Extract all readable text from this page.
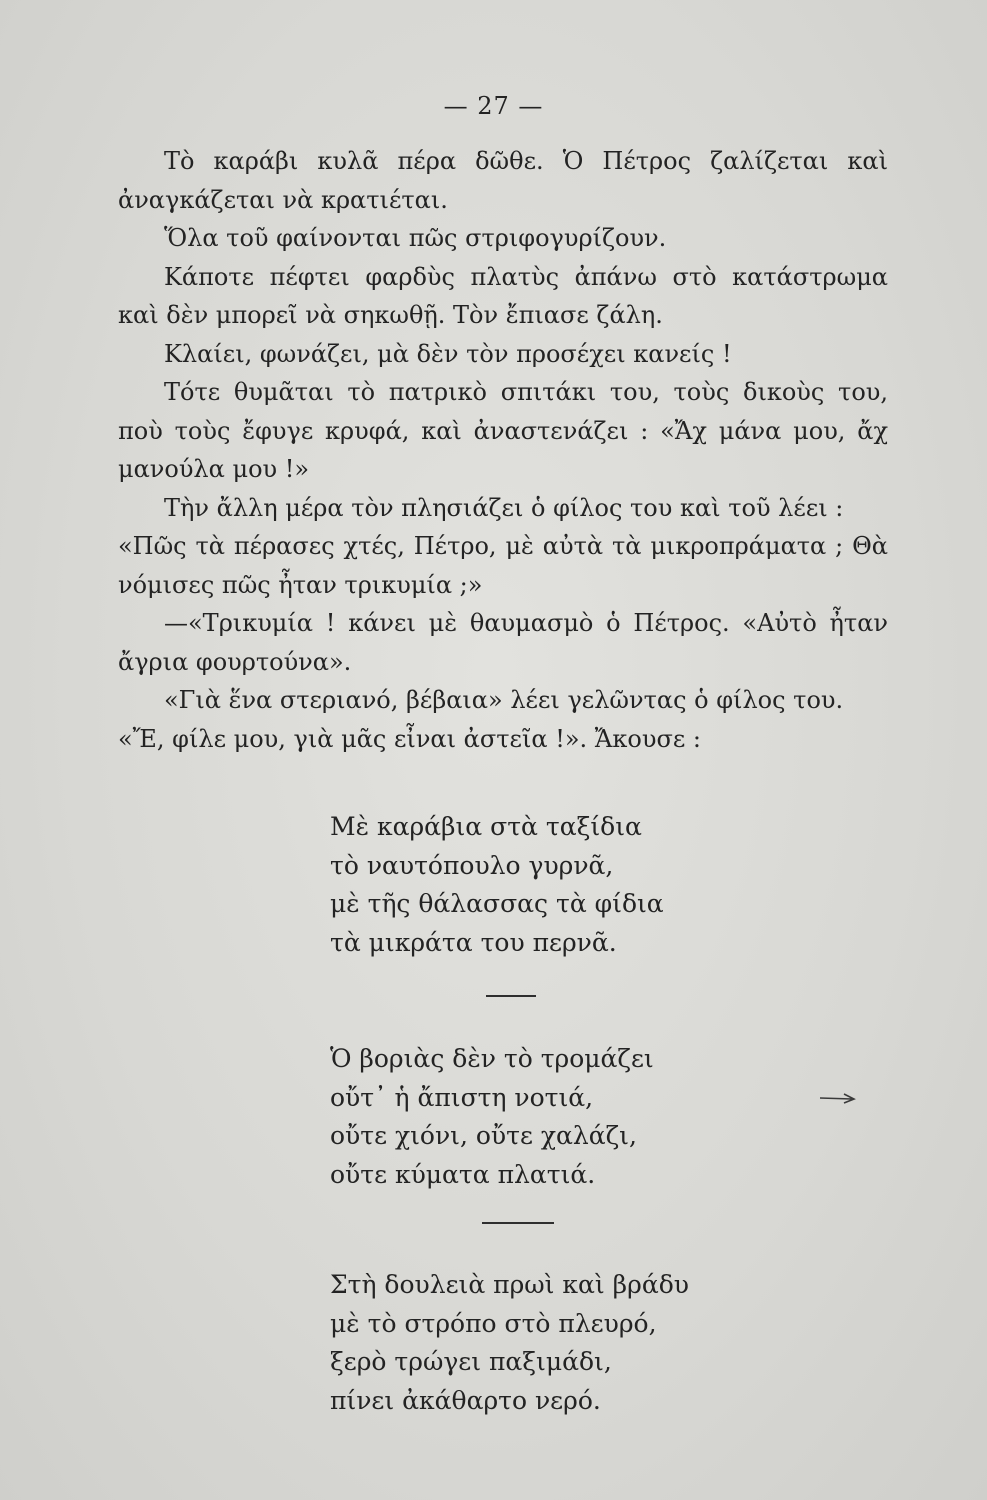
— 27 —

Τὸ καράβι κυλᾶ πέρα δῶθε. Ὁ Πέτρος ζαλίζεται καὶ ἀναγκάζεται νὰ κρατιέται.

Ὅλα τοῦ φαίνονται πῶς στριφογυρίζουν.

Κάποτε πέφτει φαρδὺς πλατὺς ἀπάνω στὸ κατάστρωμα καὶ δὲν μπορεῖ νὰ σηκωθῇ. Τὸν ἔπιασε ζάλη.

Κλαίει, φωνάζει, μὰ δὲν τὸν προσέχει κανείς !

Τότε θυμᾶται τὸ πατρικὸ σπιτάκι του, τοὺς δικοὺς του, ποὺ τοὺς ἔφυγε κρυφά, καὶ ἀναστενάζει : «Ἄχ μάνα μου, ἄχ μανούλα μου !»

Τὴν ἄλλη μέρα τὸν πλησιάζει ὁ φίλος του καὶ τοῦ λέει :

«Πῶς τὰ πέρασες χτές, Πέτρο, μὲ αὐτὰ τὰ μικροπράματα ; Θὰ νόμισες πῶς ἦταν τρικυμία ;»

—«Τρικυμία ! κάνει μὲ θαυμασμὸ ὁ Πέτρος. «Αὐτὸ ἦταν ἄγρια φουρτούνα».

«Γιὰ ἕνα στεριανό, βέβαια» λέει γελῶντας ὁ φίλος του.

«Ἔ, φίλε μου, γιὰ μᾶς εἶναι ἀστεῖα !». Ἄκουσε :

Μὲ καράβια στὰ ταξίδια
τὸ ναυτόπουλο γυρνᾶ,
μὲ τῆς θάλασσας τὰ φίδια
τὰ μικράτα του περνᾶ.
Ὁ βοριὰς δὲν τὸ τρομάζει
οὔτ᾽ ἡ ἄπιστη νοτιά,
οὔτε χιόνι, οὔτε χαλάζι,
οὔτε κύματα πλατιά.
Στὴ δουλειὰ πρωὶ καὶ βράδυ
μὲ τὸ στρόπο στὸ πλευρό,
ξερὸ τρώγει παξιμάδι,
πίνει ἀκάθαρτο νερό.
